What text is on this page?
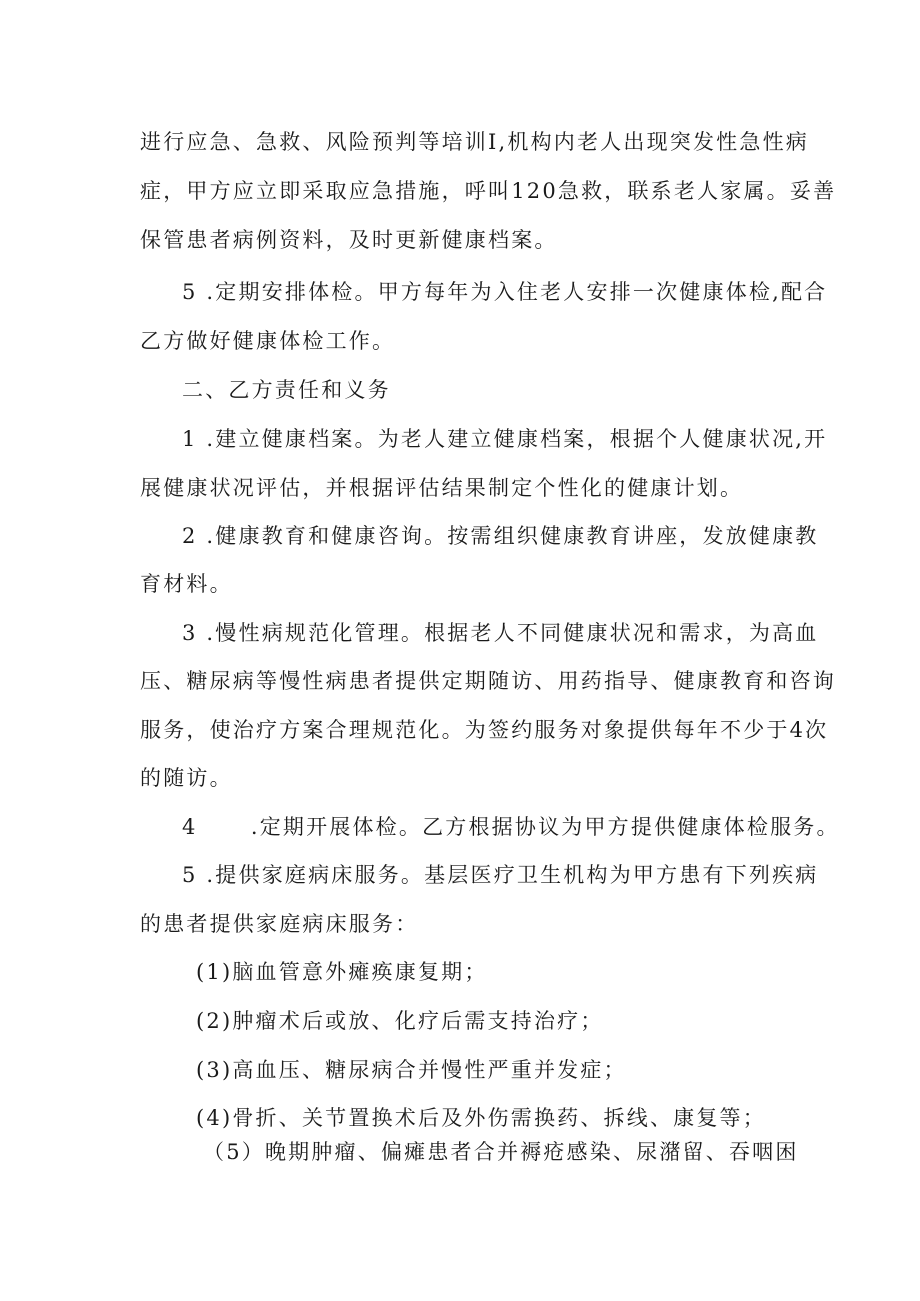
进行应急、急救、风险预判等培训I,机构内老人出现突发性急性病
症，甲方应立即采取应急措施，呼叫120急救，联系老人家属。妥善
保管患者病例资料，及时更新健康档案。
5 .定期安排体检。甲方每年为入住老人安排一次健康体检,配合
乙方做好健康体检工作。
二、乙方责任和义务
1 .建立健康档案。为老人建立健康档案，根据个人健康状况,开
展健康状况评估，并根据评估结果制定个性化的健康计划。
2 .健康教育和健康咨询。按需组织健康教育讲座，发放健康教
育材料。
3 .慢性病规范化管理。根据老人不同健康状况和需求，为高血
压、糖尿病等慢性病患者提供定期随访、用药指导、健康教育和咨询
服务，使治疗方案合理规范化。为签约服务对象提供每年不少于4次
的随访。
4      .定期开展体检。乙方根据协议为甲方提供健康体检服务。
5 .提供家庭病床服务。基层医疗卫生机构为甲方患有下列疾病
的患者提供家庭病床服务：
(1)脑血管意外瘫痪康复期；
(2)肿瘤术后或放、化疗后需支持治疗；
(3)高血压、糖尿病合并慢性严重并发症；
(4)骨折、关节置换术后及外伤需换药、拆线、康复等；
（5）晚期肿瘤、偏瘫患者合并褥疮感染、尿潴留、吞咽困
